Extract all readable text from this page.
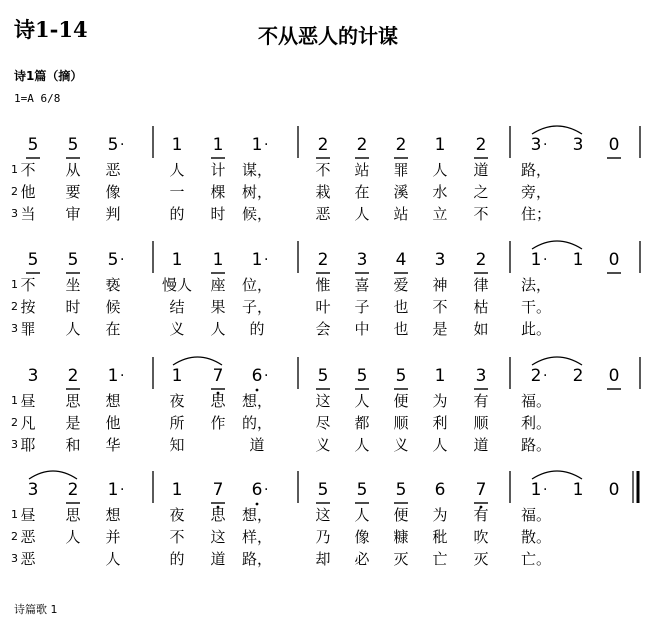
诗1-14	不从恶人的计谋
诗1篇（摘）
1=A 6/8
诗篇歌 1
5	5	5 ·	1	1	1 ·	2	2	2	1	2	3 ·	3	0
1 不 从 恶	人 计 谋，	不 站 罪 人 道 路，
2 他 要 像	一 棵 树，	栽 在 溪 水 之 旁，
3 当 审 判	的 时 候，	恶 人 站 立 不 住；
5	5	5 ·	1	1	1 ·	2	3	4	3	2	1 ·	1	0
1 不 坐 亵	慢人 座 位，	惟 喜 爱 神 律 法，
2 按 时 候	结 果 子，	叶 子 也 不 枯 干。
3 罪 人 在	义 人 的	会 中 也 是 如 此。
3	2	1 ·	1	7	6 ·	5	5	5	1	3	2 ·	2	0
1 昼 思 想	夜 思 想，	这 人 便 为 有 福。
2 凡 是 他	所 作 的，	尽 都 顺 利 顺 利。
3 耶 和 华	知	道	义 人 义 人 道 路。
3	2	1 ·	1	7	6 ·	5	5	5	6	7	1 ·	1	0
1 昼 思 想	夜 思 想，	这 人 便 为 有 福。
2 恶 人 并	不 这 样，	乃 像 糠 秕 吹 散。
3 恶	人	的 道 路，	却 必 灭 亡 灭 亡。
